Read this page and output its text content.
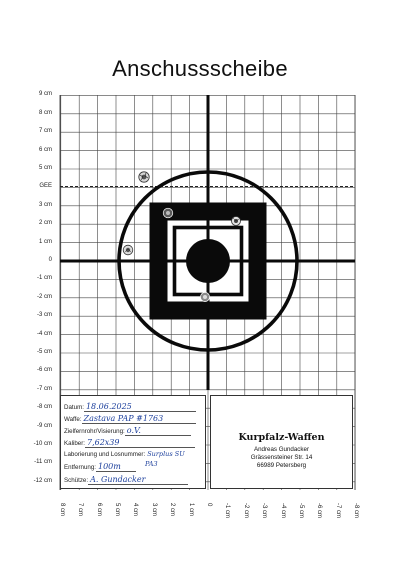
Anschussscheibe
9 cm
8 cm
7 cm
6 cm
5 cm
GEE
3 cm
2 cm
1 cm
0
-1 cm
-2 cm
-3 cm
-4 cm
-5 cm
-6 cm
-7 cm
-8 cm
-9 cm
-10 cm
-11 cm
-12 cm
8 cm 7 cm 6 cm 5 cm 4 cm 3 cm 2 cm 1 cm 0 -1 cm -2 cm -3 cm -4 cm -5 cm -6 cm -7 cm -8 cm
Datum: 18.06.2025
Waffe: Zastava PAP #1763
Zielfernrohr/Visierung: o.V.
Kaliber: 7,62x39
Laborierung und Losnummer: Surplus SU
PA3
Entfernung: 100m
Schütze: A. Gundacker
Kurpfalz-Waffen
Andreas Gundacker
Grässensteiner Str. 14
66989 Petersberg
